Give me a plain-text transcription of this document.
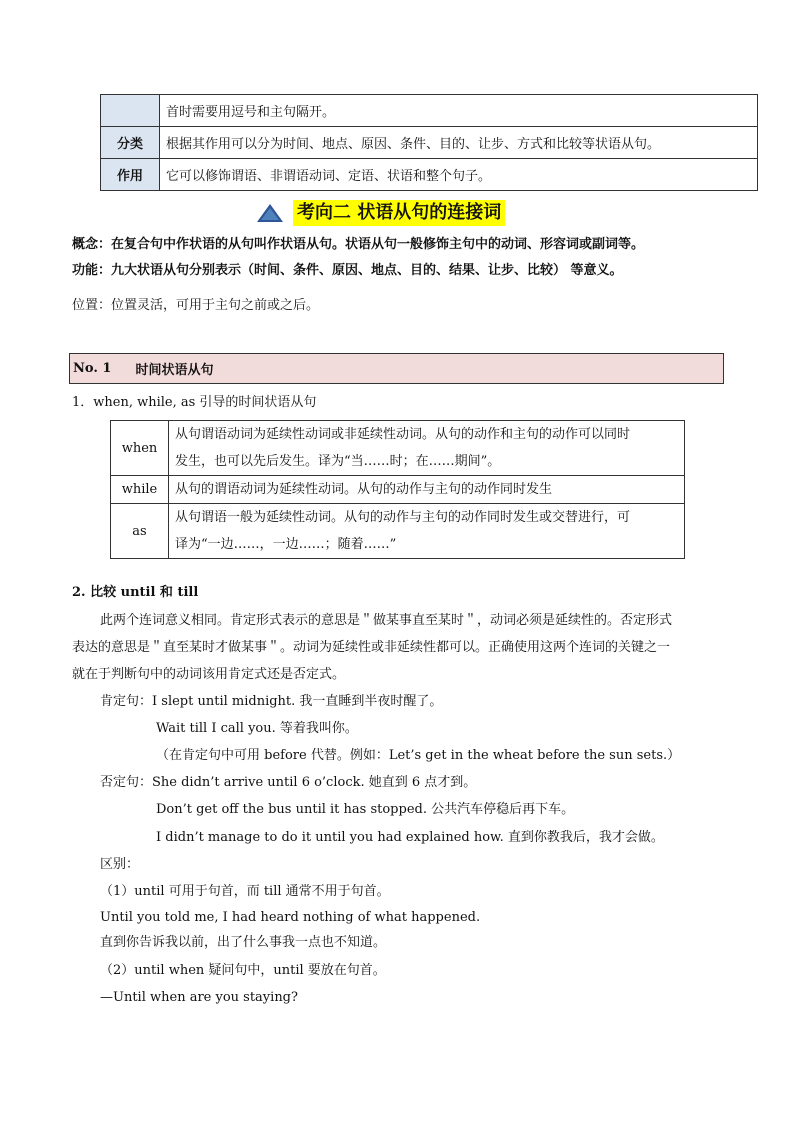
	首时需要用逗号和主句隔开。
分类	根据其作用可以分为时间、地点、原因、条件、目的、让步、方式和比较等状语从句。
作用	它可以修饰谓语、非谓语动词、定语、状语和整个句子。
考向二 状语从句的连接词
概念：在复合句中作状语的从句叫作状语从句。状语从句一般修饰主句中的动词、形容词或副词等。
功能：九大状语从句分别表示（时间、条件、原因、地点、目的、结果、让步、比较） 等意义。
位置：位置灵活，可用于主句之前或之后。
No. 1 时间状语从句
1．when, while, as 引导的时间状语从句
when	从句谓语动词为延续性动词或非延续性动词。从句的动作和主句的动作可以同时
发生，也可以先后发生。译为“当……时；在……期间”。

while	从句的谓语动词为延续性动词。从句的动作与主句的动作同时发生

as	从句谓语一般为延续性动词。从句的动作与主句的动作同时发生或交替进行，可
译为“一边……，一边……；随着……”
2. 比较 until 和 till
此两个连词意义相同。肯定形式表示的意思是＂做某事直至某时＂，动词必须是延续性的。否定形式
表达的意思是＂直至某时才做某事＂。动词为延续性或非延续性都可以。正确使用这两个连词的关键之一
就在于判断句中的动词该用肯定式还是否定式。
肯定句：I slept until midnight. 我一直睡到半夜时醒了。
Wait till I call you. 等着我叫你。
（在肯定句中可用 before 代替。例如：Let’s get in the wheat before the sun sets.）
否定句：She didn’t arrive until 6 o’clock. 她直到 6 点才到。
Don’t get off the bus until it has stopped. 公共汽车停稳后再下车。
I didn’t manage to do it until you had explained how. 直到你教我后，我才会做。
区别：
（1）until 可用于句首，而 till 通常不用于句首。
Until you told me, I had heard nothing of what happened.
直到你告诉我以前，出了什么事我一点也不知道。
（2）until when 疑问句中，until 要放在句首。
—Until when are you staying?
